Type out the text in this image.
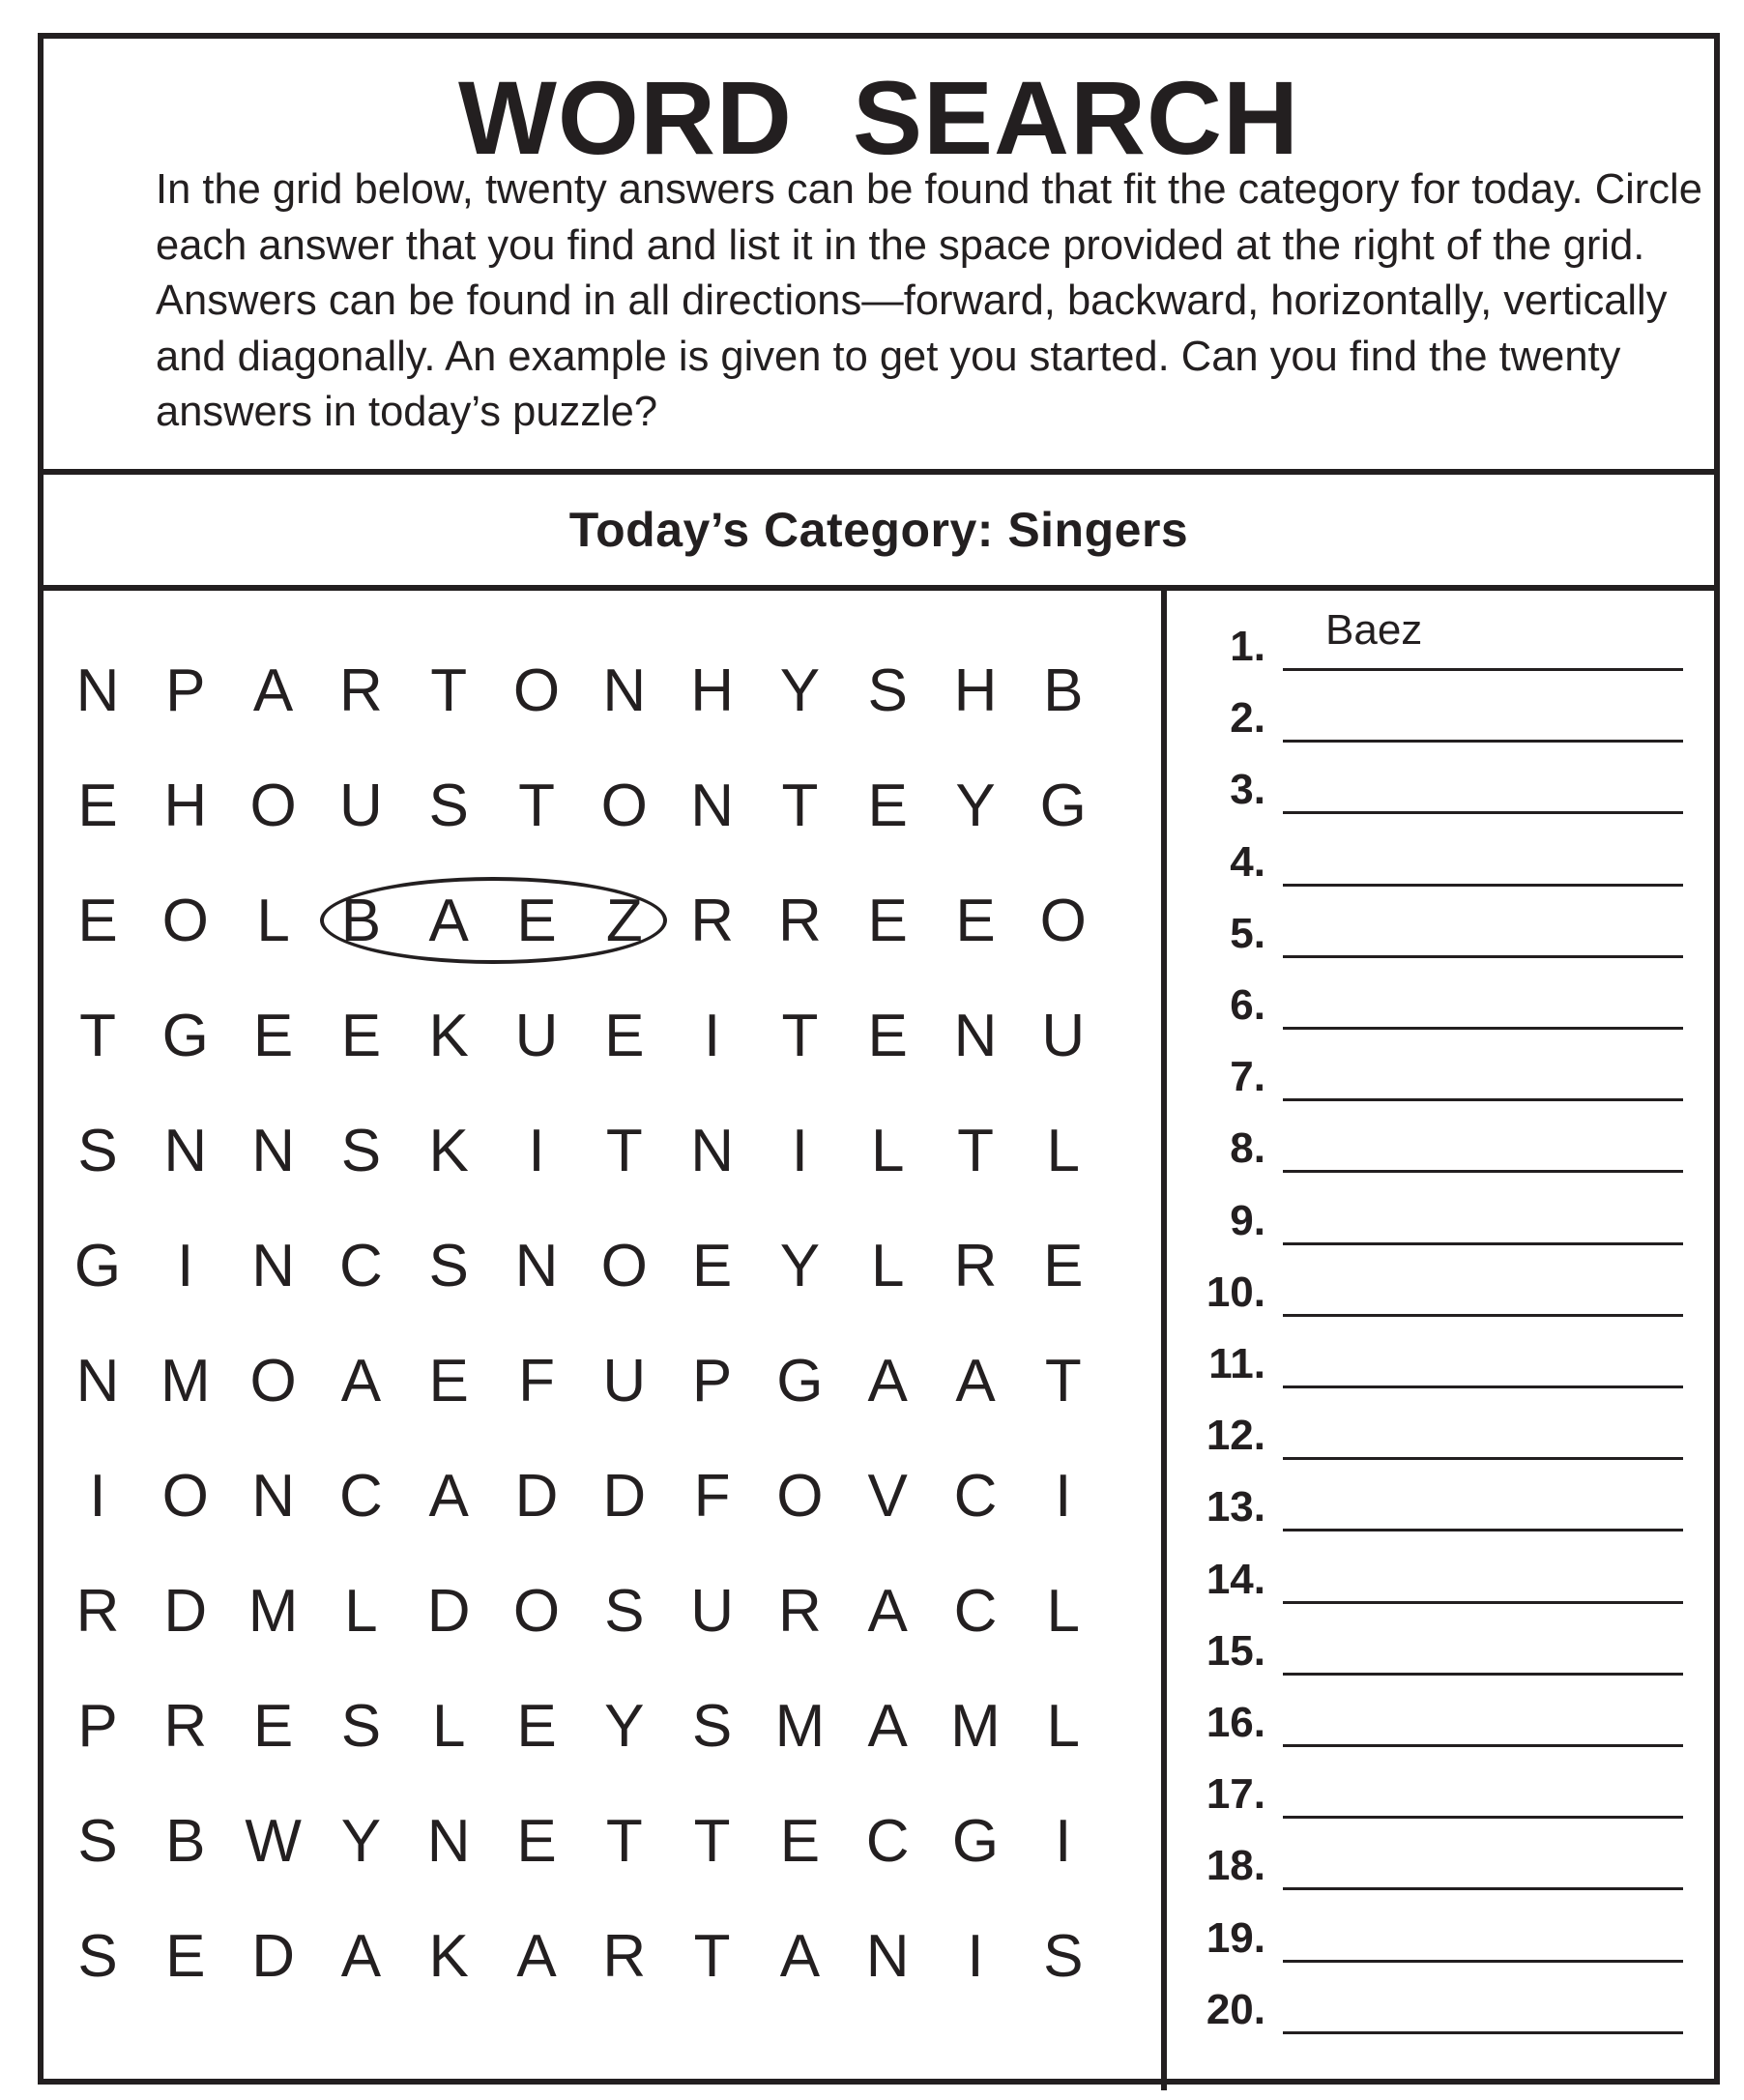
WORD  SEARCH
In the grid below, twenty answers can be found that fit the category for today. Circle each answer that you find and list it in the space provided at the right of the grid. Answers can be found in all directions—forward, backward, horizontally, vertically and diagonally. An example is given to get you started. Can you find the twenty answers in today’s puzzle?
Today’s Category: Singers
N P A R T O N H Y S H B
E H O U S T O N T E Y G
E O L B A E Z R R E E O
T G E E K U E I	T E N U
S N N S K I	T N I	L T L
G I N C S N O E Y L R E
N M O A E F U P G A A T
I O N C A D D F O V C I
R D M L D O S U R A C L
P R E S L E Y S M A M L
S B W Y N E T T E C G I
S E D A K A R T A N I S
1. Baez
2.
3.
4.
5.
6.
7.
8.
9.
10.
11.
12.
13.
14.
15.
16.
17.
18.
19.
20.
